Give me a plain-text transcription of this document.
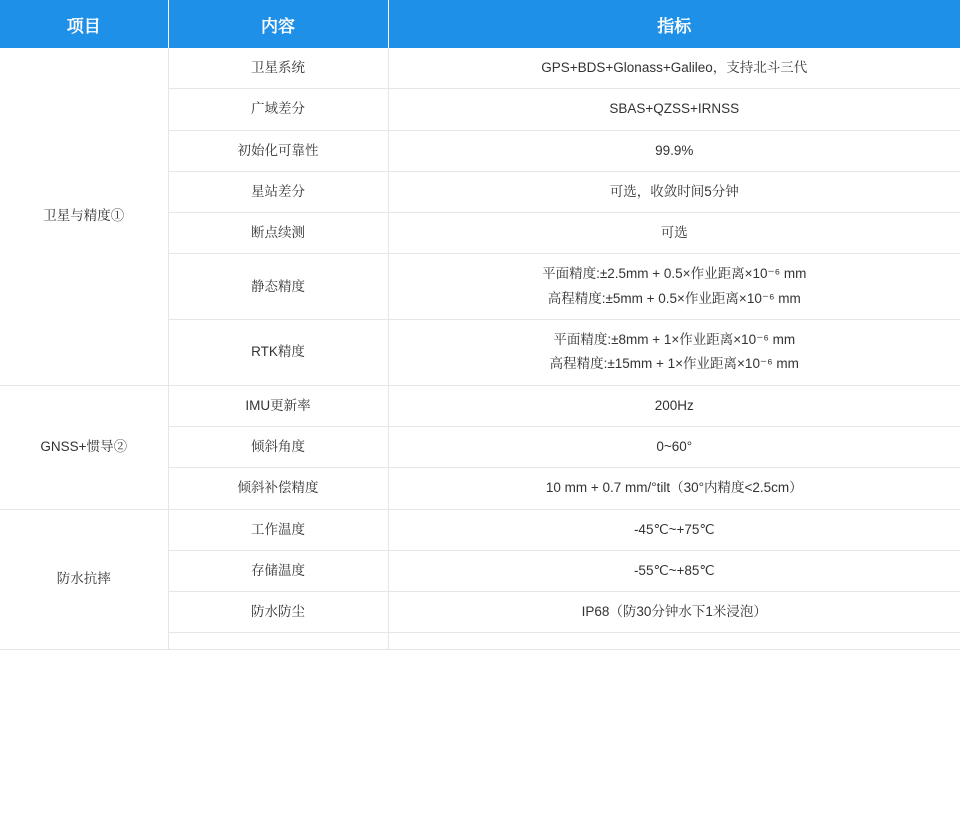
项目	内容	指标
卫星与精度①	卫星系统	GPS+BDS+Glonass+Galileo，支持北斗三代

	广域差分	SBAS+QZSS+IRNSS

	初始化可靠性	99.9%

	星站差分	可选，收敛时间5分钟

	断点续测	可选

	静态精度	平面精度:±2.5mm + 0.5×作业距离×10⁻⁶ mm
高程精度:±5mm + 0.5×作业距离×10⁻⁶ mm

	RTK精度	平面精度:±8mm + 1×作业距离×10⁻⁶ mm
高程精度:±15mm + 1×作业距离×10⁻⁶ mm

GNSS+惯导②	IMU更新率	200Hz

	倾斜角度	0~60°

	倾斜补偿精度	10 mm + 0.7 mm/°tilt（30°内精度<2.5cm）

防水抗摔	工作温度	-45℃~+75℃

	存储温度	-55℃~+85℃

	防水防尘	IP68（防30分钟水下1米浸泡）
